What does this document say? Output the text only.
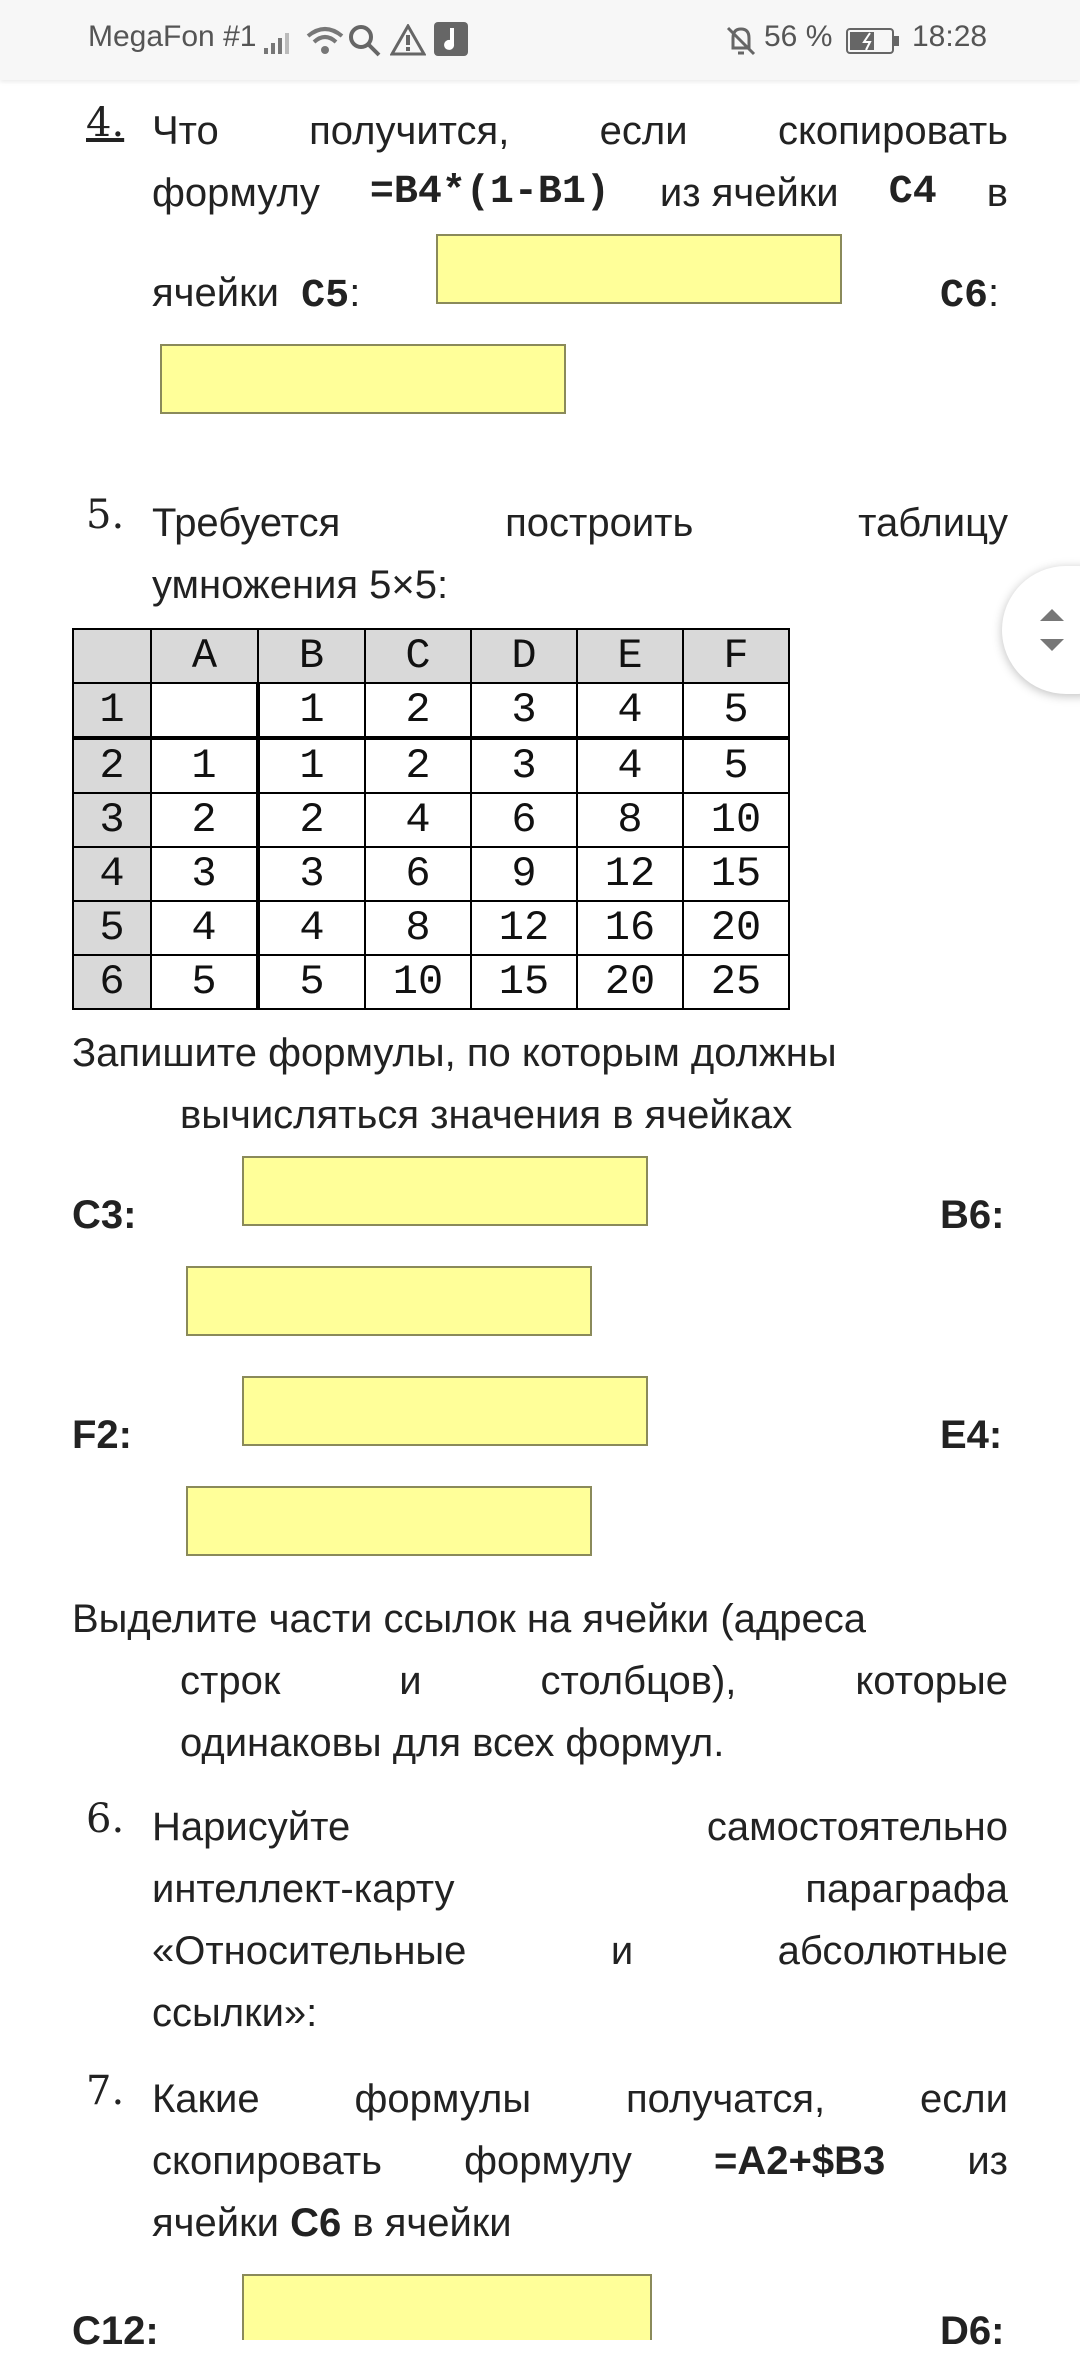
MegaFon #1	56 %	18:28
4. Что получится, если скопировать
формулу =B4*(1-B1) из ячейки C4 в
ячейки C5:	C6:
5. Требуется	построить	таблицу
умножения 5×5:
	A	B	C	D	E	F
1		1	2	3	4	5
2	1	1	2	3	4	5
3	2	2	4	6	8	10
4	3	3	6	9	12	15
5	4	4	8	12	16	20
6	5	5	10	15	20	25
Запишите формулы, по которым должны
вычисляться значения в ячейках
C3:	B6:
F2:	E4:
Выделите части ссылок на ячейки (адреса
строк	и	столбцов),	которые
одинаковы для всех формул.
6. Нарисуйте	самостоятельно
интеллект-карту	параграфа
«Относительные	и	абсолютные
ссылки»:
7. Какие формулы получатся, если
скопировать формулу =A2+$B3 из
ячейки C6 в ячейки
C12:	D6:
